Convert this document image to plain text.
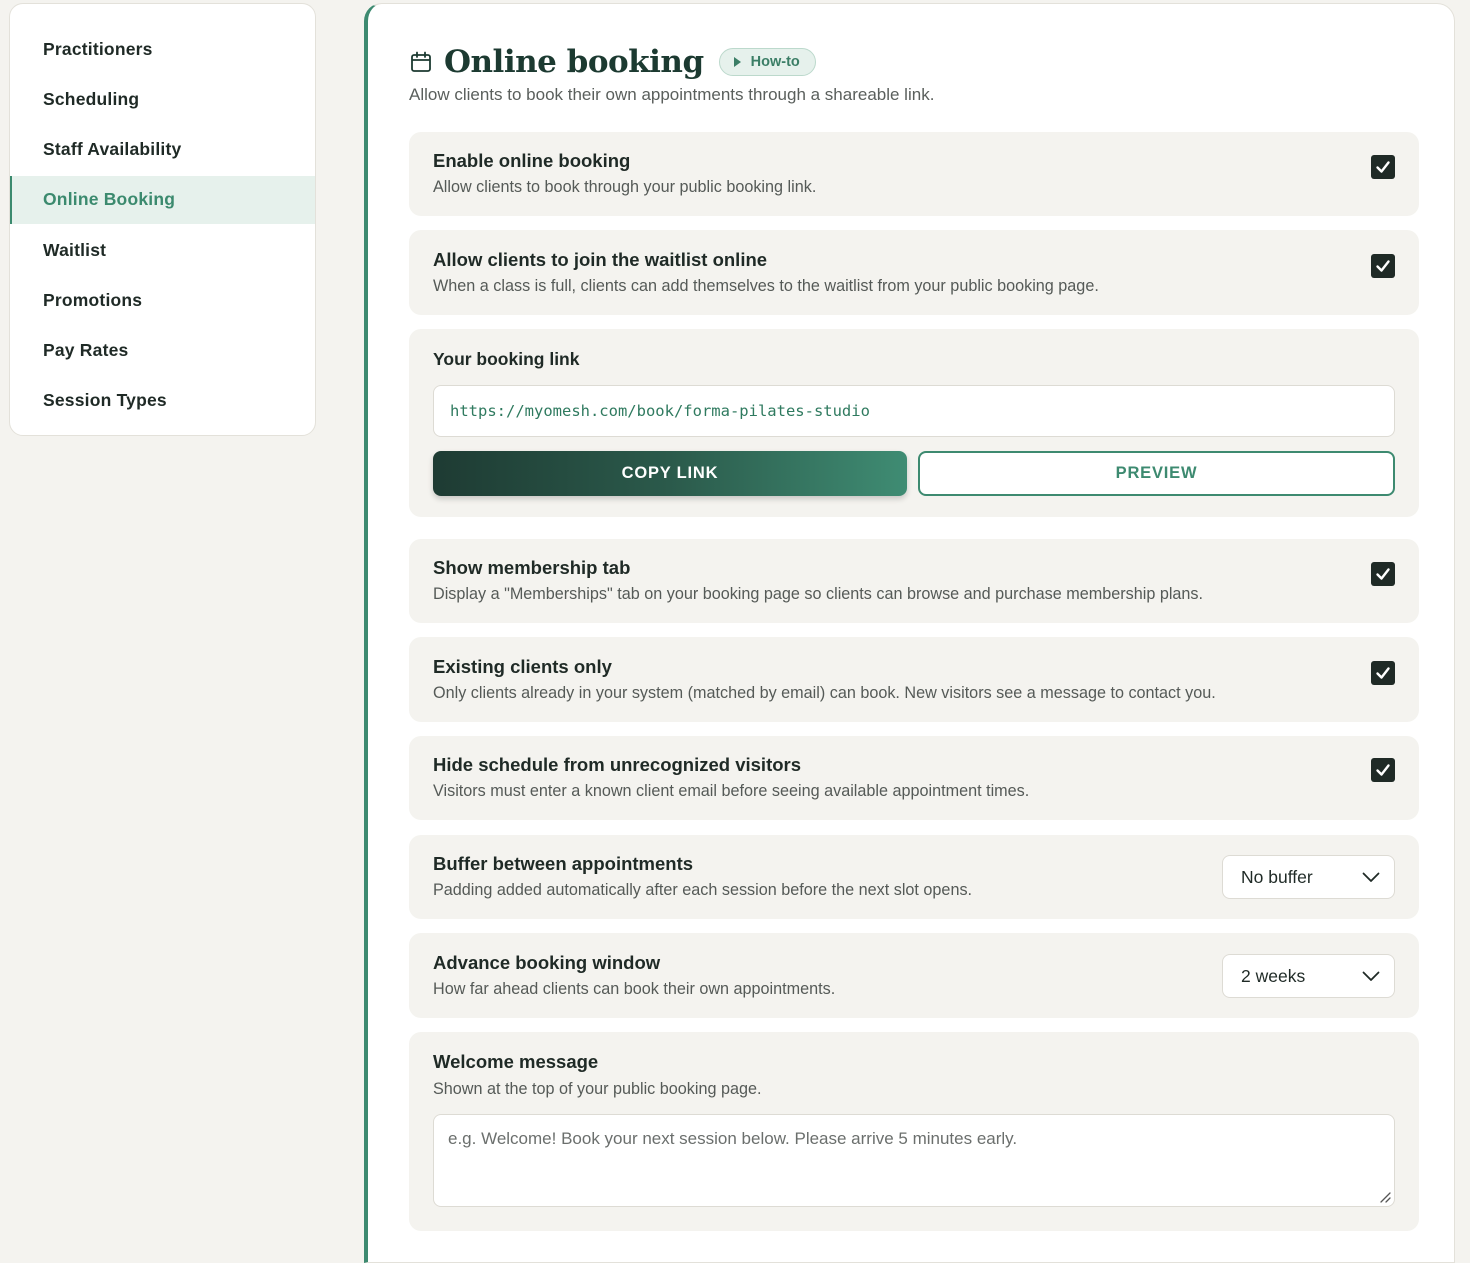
Practitioners
Scheduling
Staff Availability
Online Booking
Waitlist
Promotions
Pay Rates
Session Types
Online booking	How-to

Allow clients to book their own appointments through a shareable link.

Enable online booking
Allow clients to book through your public booking link.
Allow clients to join the waitlist online
When a class is full, clients can add themselves to the waitlist from your public booking page.
Your booking link
https://myomesh.com/book/forma-pilates-studio
COPY LINK	PREVIEW
Show membership tab
Display a "Memberships" tab on your booking page so clients can browse and purchase membership plans.
Existing clients only
Only clients already in your system (matched by email) can book. New visitors see a message to contact you.
Hide schedule from unrecognized visitors
Visitors must enter a known client email before seeing available appointment times.
Buffer between appointments
Padding added automatically after each session before the next slot opens.
No buffer
Advance booking window
How far ahead clients can book their own appointments.
2 weeks
Welcome message
Shown at the top of your public booking page.
e.g. Welcome! Book your next session below. Please arrive 5 minutes early.
